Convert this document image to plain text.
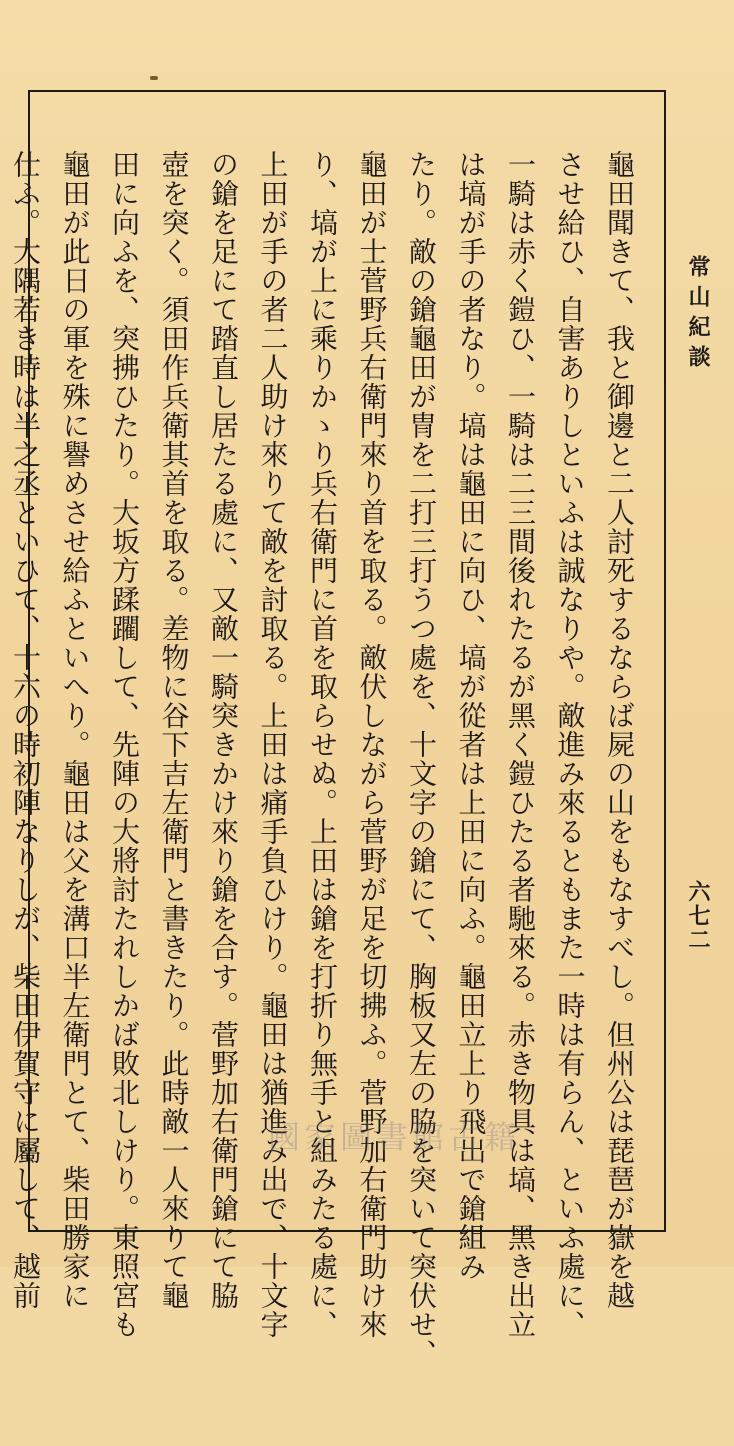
常山紀談
六七二
龜田聞きて、我と御邊と二人討死するならば屍の山をもなすべし。但州公は琵琶が嶽を越
させ給ひ、自害ありしといふは誠なりや。敵進み來るともまた一時は有らん、といふ處に、
一騎は赤く鎧ひ、一騎は二三間後れたるが黑く鎧ひたる者馳來る。赤き物具は塙、黑き出立
は塙が手の者なり。塙は龜田に向ひ、塙が從者は上田に向ふ。龜田立上り飛出で鎗組み
たり。敵の鎗龜田が冑を二打三打うつ處を、十文字の鎗にて、胸板又左の脇を突いて突伏せ、
龜田が士菅野兵右衛門來り首を取る。敵伏しながら菅野が足を切拂ふ。菅野加右衛門助け來
り、塙が上に乘りかゝり兵右衛門に首を取らせぬ。上田は鎗を打折り無手と組みたる處に、
上田が手の者二人助け來りて敵を討取る。上田は痛手負ひけり。龜田は猶進み出で、十文字
の鎗を足にて踏直し居たる處に、又敵一騎突きかけ來り鎗を合す。菅野加右衛門鎗にて脇
壺を突く。須田作兵衛其首を取る。差物に谷下吉左衛門と書きたり。此時敵一人來りて龜
田に向ふを、突拂ひたり。大坂方蹂躙して、先陣の大將討たれしかば敗北しけり。東照宮も
龜田が此日の軍を殊に譽めさせ給ふといへり。龜田は父を溝口半左衛門とて、柴田勝家に
仕ふ。大隅若き時は半之丞といひて、十六の時初陣なりしが、柴田伊賀守に屬して、越前	國家圖書館古籍
